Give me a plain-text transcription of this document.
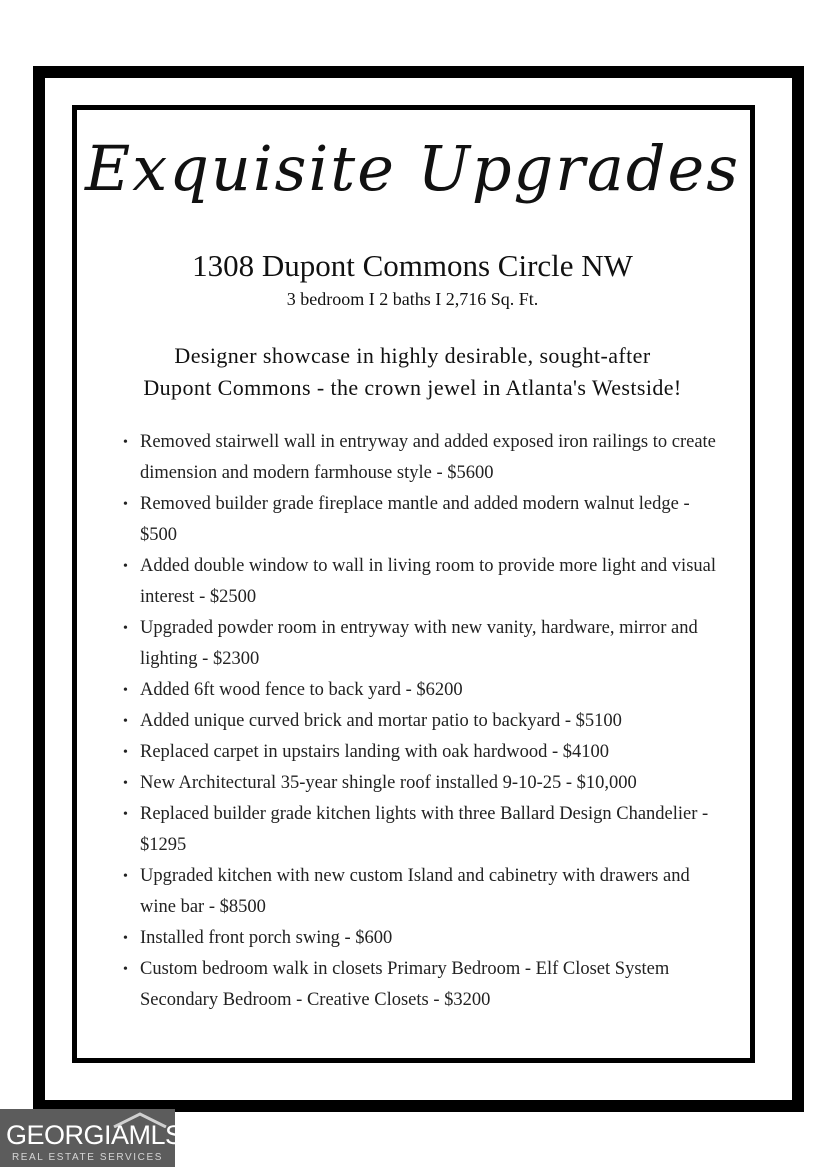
Exquisite Upgrades
1308 Dupont Commons Circle NW
3 bedroom I 2 baths I 2,716 Sq. Ft.
Designer showcase in highly desirable, sought-after
Dupont Commons - the crown jewel in Atlanta's Westside!
• Removed stairwell wall in entryway and added exposed iron railings to create dimension and modern farmhouse style - $5600
• Removed builder grade fireplace mantle and added modern walnut ledge - $500
• Added double window to wall in living room to provide more light and visual interest - $2500
• Upgraded powder room in entryway with new vanity, hardware, mirror and lighting - $2300
• Added 6ft wood fence to back yard - $6200
• Added unique curved brick and mortar patio to backyard - $5100
• Replaced carpet in upstairs landing with oak hardwood - $4100
• New Architectural 35-year shingle roof installed 9-10-25 - $10,000
• Replaced builder grade kitchen lights with three Ballard Design Chandelier - $1295
• Upgraded kitchen with new custom Island and cabinetry with drawers and wine bar - $8500
• Installed front porch swing - $600
• Custom bedroom walk in closets Primary Bedroom - Elf Closet System Secondary Bedroom - Creative Closets - $3200
GEORGIAMLS
REAL ESTATE SERVICES
